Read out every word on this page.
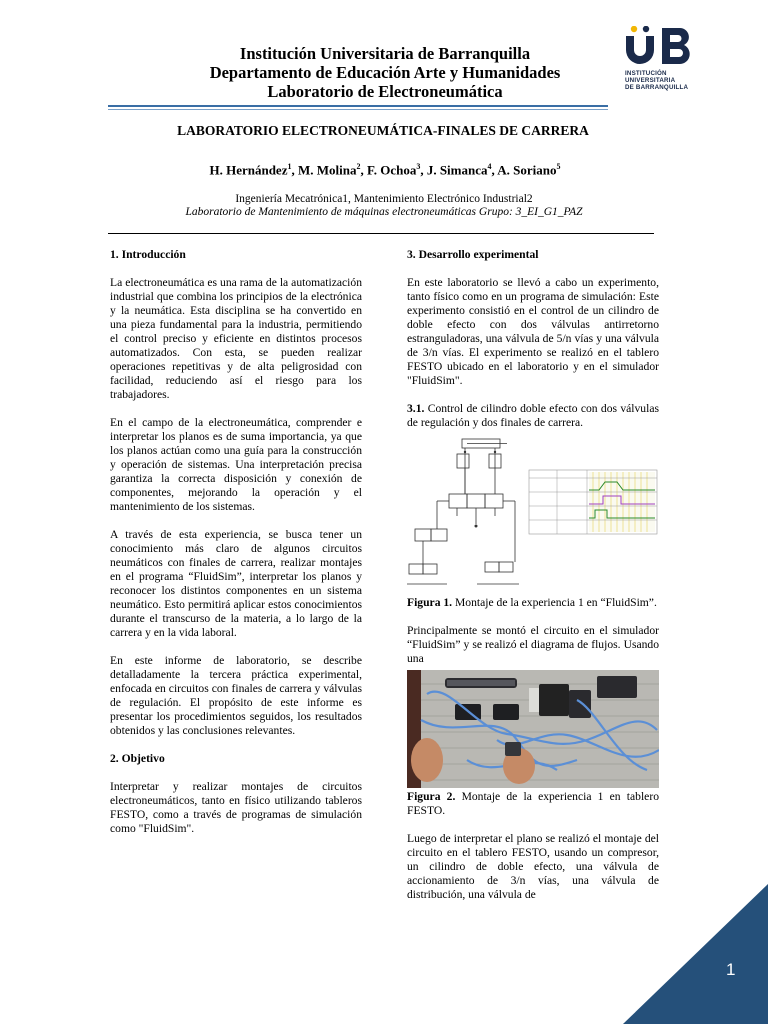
Institución Universitaria de Barranquilla
Departamento de Educación Arte y Humanidades
Laboratorio de Electroneumática
INSTITUCIÓN
UNIVERSITARIA
DE BARRANQUILLA
LABORATORIO ELECTRONEUMÁTICA-FINALES DE CARRERA
H. Hernández$^1$, M. Molina$^2$, F. Ochoa$^3$, J. Simanca$^4$, A. Soriano$^5$
Ingeniería Mecatrónica1, Mantenimiento Electrónico Industrial2
Laboratorio de Mantenimiento de máquinas electroneumáticas Grupo: 3_EI_G1_PAZ
1. Introducción

La electroneumática es una rama de la automatización industrial que combina los principios de la electrónica y la neumática. Esta disciplina se ha convertido en una pieza fundamental para la industria, permitiendo el control preciso y eficiente en distintos procesos automatizados. Con esta, se pueden realizar operaciones repetitivas y de alta peligrosidad con facilidad, reduciendo así el riesgo para los trabajadores.

En el campo de la electroneumática, comprender e interpretar los planos es de suma importancia, ya que los planos actúan como una guía para la construcción y operación de sistemas. Una interpretación precisa garantiza la correcta disposición y conexión de componentes, mejorando la operación y el mantenimiento de los sistemas.

A través de esta experiencia, se busca tener un conocimiento más claro de algunos circuitos neumáticos con finales de carrera, realizar montajes en el programa “FluidSim”, interpretar los planos y reconocer los distintos componentes en un sistema neumático. Esto permitirá aplicar estos conocimientos durante el transcurso de la materia, a lo largo de la carrera y en la vida laboral.

En este informe de laboratorio, se describe detalladamente la tercera práctica experimental, enfocada en circuitos con finales de carrera y válvulas de regulación. El propósito de este informe es presentar los procedimientos seguidos, los resultados obtenidos y las conclusiones relevantes.

2. Objetivo

Interpretar y realizar montajes de circuitos electroneumáticos, tanto en físico utilizando tableros FESTO, como a través de programas de simulación como "FluidSim".

3. Desarrollo experimental

En este laboratorio se llevó a cabo un experimento, tanto físico como en un programa de simulación: Este experimento consistió en el control de un cilindro de doble efecto con dos válvulas antirretorno estranguladoras, una válvula de 5/n vías y una válvula de 3/n vías. El experimento se realizó en el tablero FESTO ubicado en el laboratorio y en el simulador "FluidSim".

3.1. Control de cilindro doble efecto con dos válvulas de regulación y dos finales de carrera.

Figura 1. Montaje de la experiencia 1 en “FluidSim”.

Principalmente se montó el circuito en el simulador “FluidSim” y se realizó el diagrama de flujos. Usando una

Figura 2. Montaje de la experiencia 1 en tablero FESTO.

Luego de interpretar el plano se realizó el montaje del circuito en el tablero FESTO, usando un compresor, un cilindro de doble efecto, una válvula de accionamiento de 3/n vías, una válvula de distribución, una válvula de

1
